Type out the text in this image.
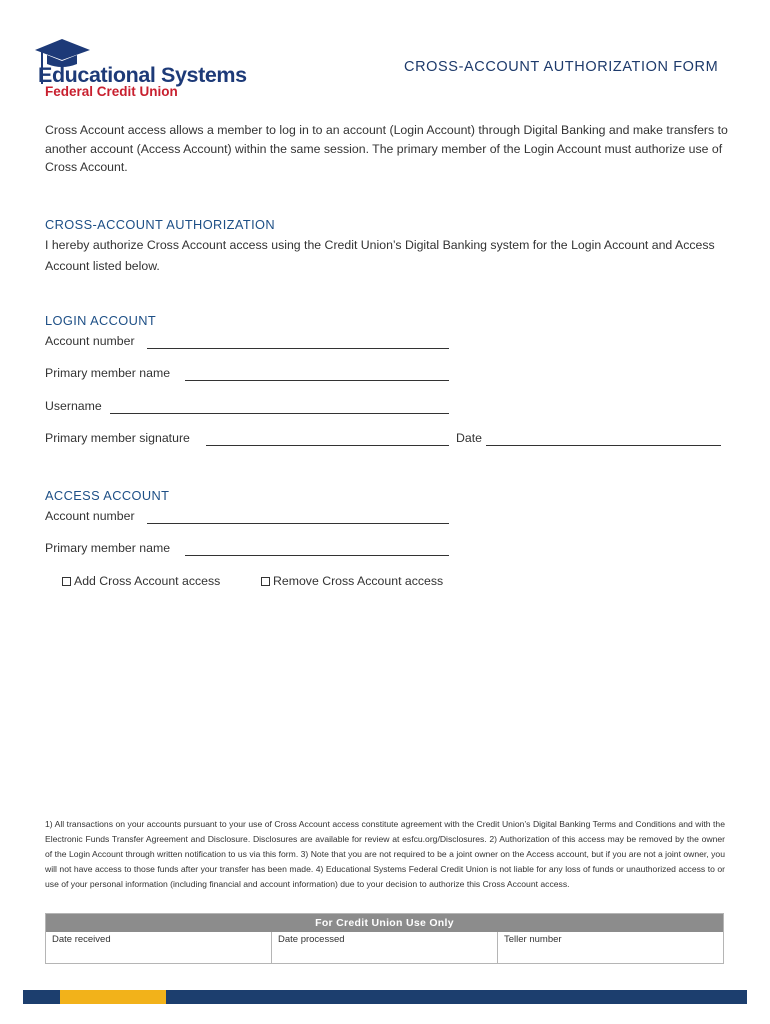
Educational Systems
Federal Credit Union
CROSS-ACCOUNT AUTHORIZATION FORM
Cross Account access allows a member to log in to an account (Login Account) through Digital Banking and make transfers to another account (Access Account) within the same session. The primary member of the Login Account must authorize use of Cross Account.
CROSS-ACCOUNT AUTHORIZATION
I hereby authorize Cross Account access using the Credit Union’s Digital Banking system for the Login Account and Access Account listed below.
LOGIN ACCOUNT
Account number
Primary member name
Username
Primary member signature	Date
ACCESS ACCOUNT
Account number
Primary member name
Add Cross Account access	Remove Cross Account access
1) All transactions on your accounts pursuant to your use of Cross Account access constitute agreement with the Credit Union’s Digital Banking Terms and Conditions and with the Electronic Funds Transfer Agreement and Disclosure. Disclosures are available for review at esfcu.org/Disclosures. 2) Authorization of this access may be removed by the owner of the Login Account through written notification to us via this form. 3) Note that you are not required to be a joint owner on the Access account, but if you are not a joint owner, you will not have access to those funds after your transfer has been made. 4) Educational Systems Federal Credit Union is not liable for any loss of funds or unauthorized access to or use of your personal information (including financial and account information) due to your decision to authorize this Cross Account access.
For Credit Union Use Only
Date received	Date processed	Teller number
